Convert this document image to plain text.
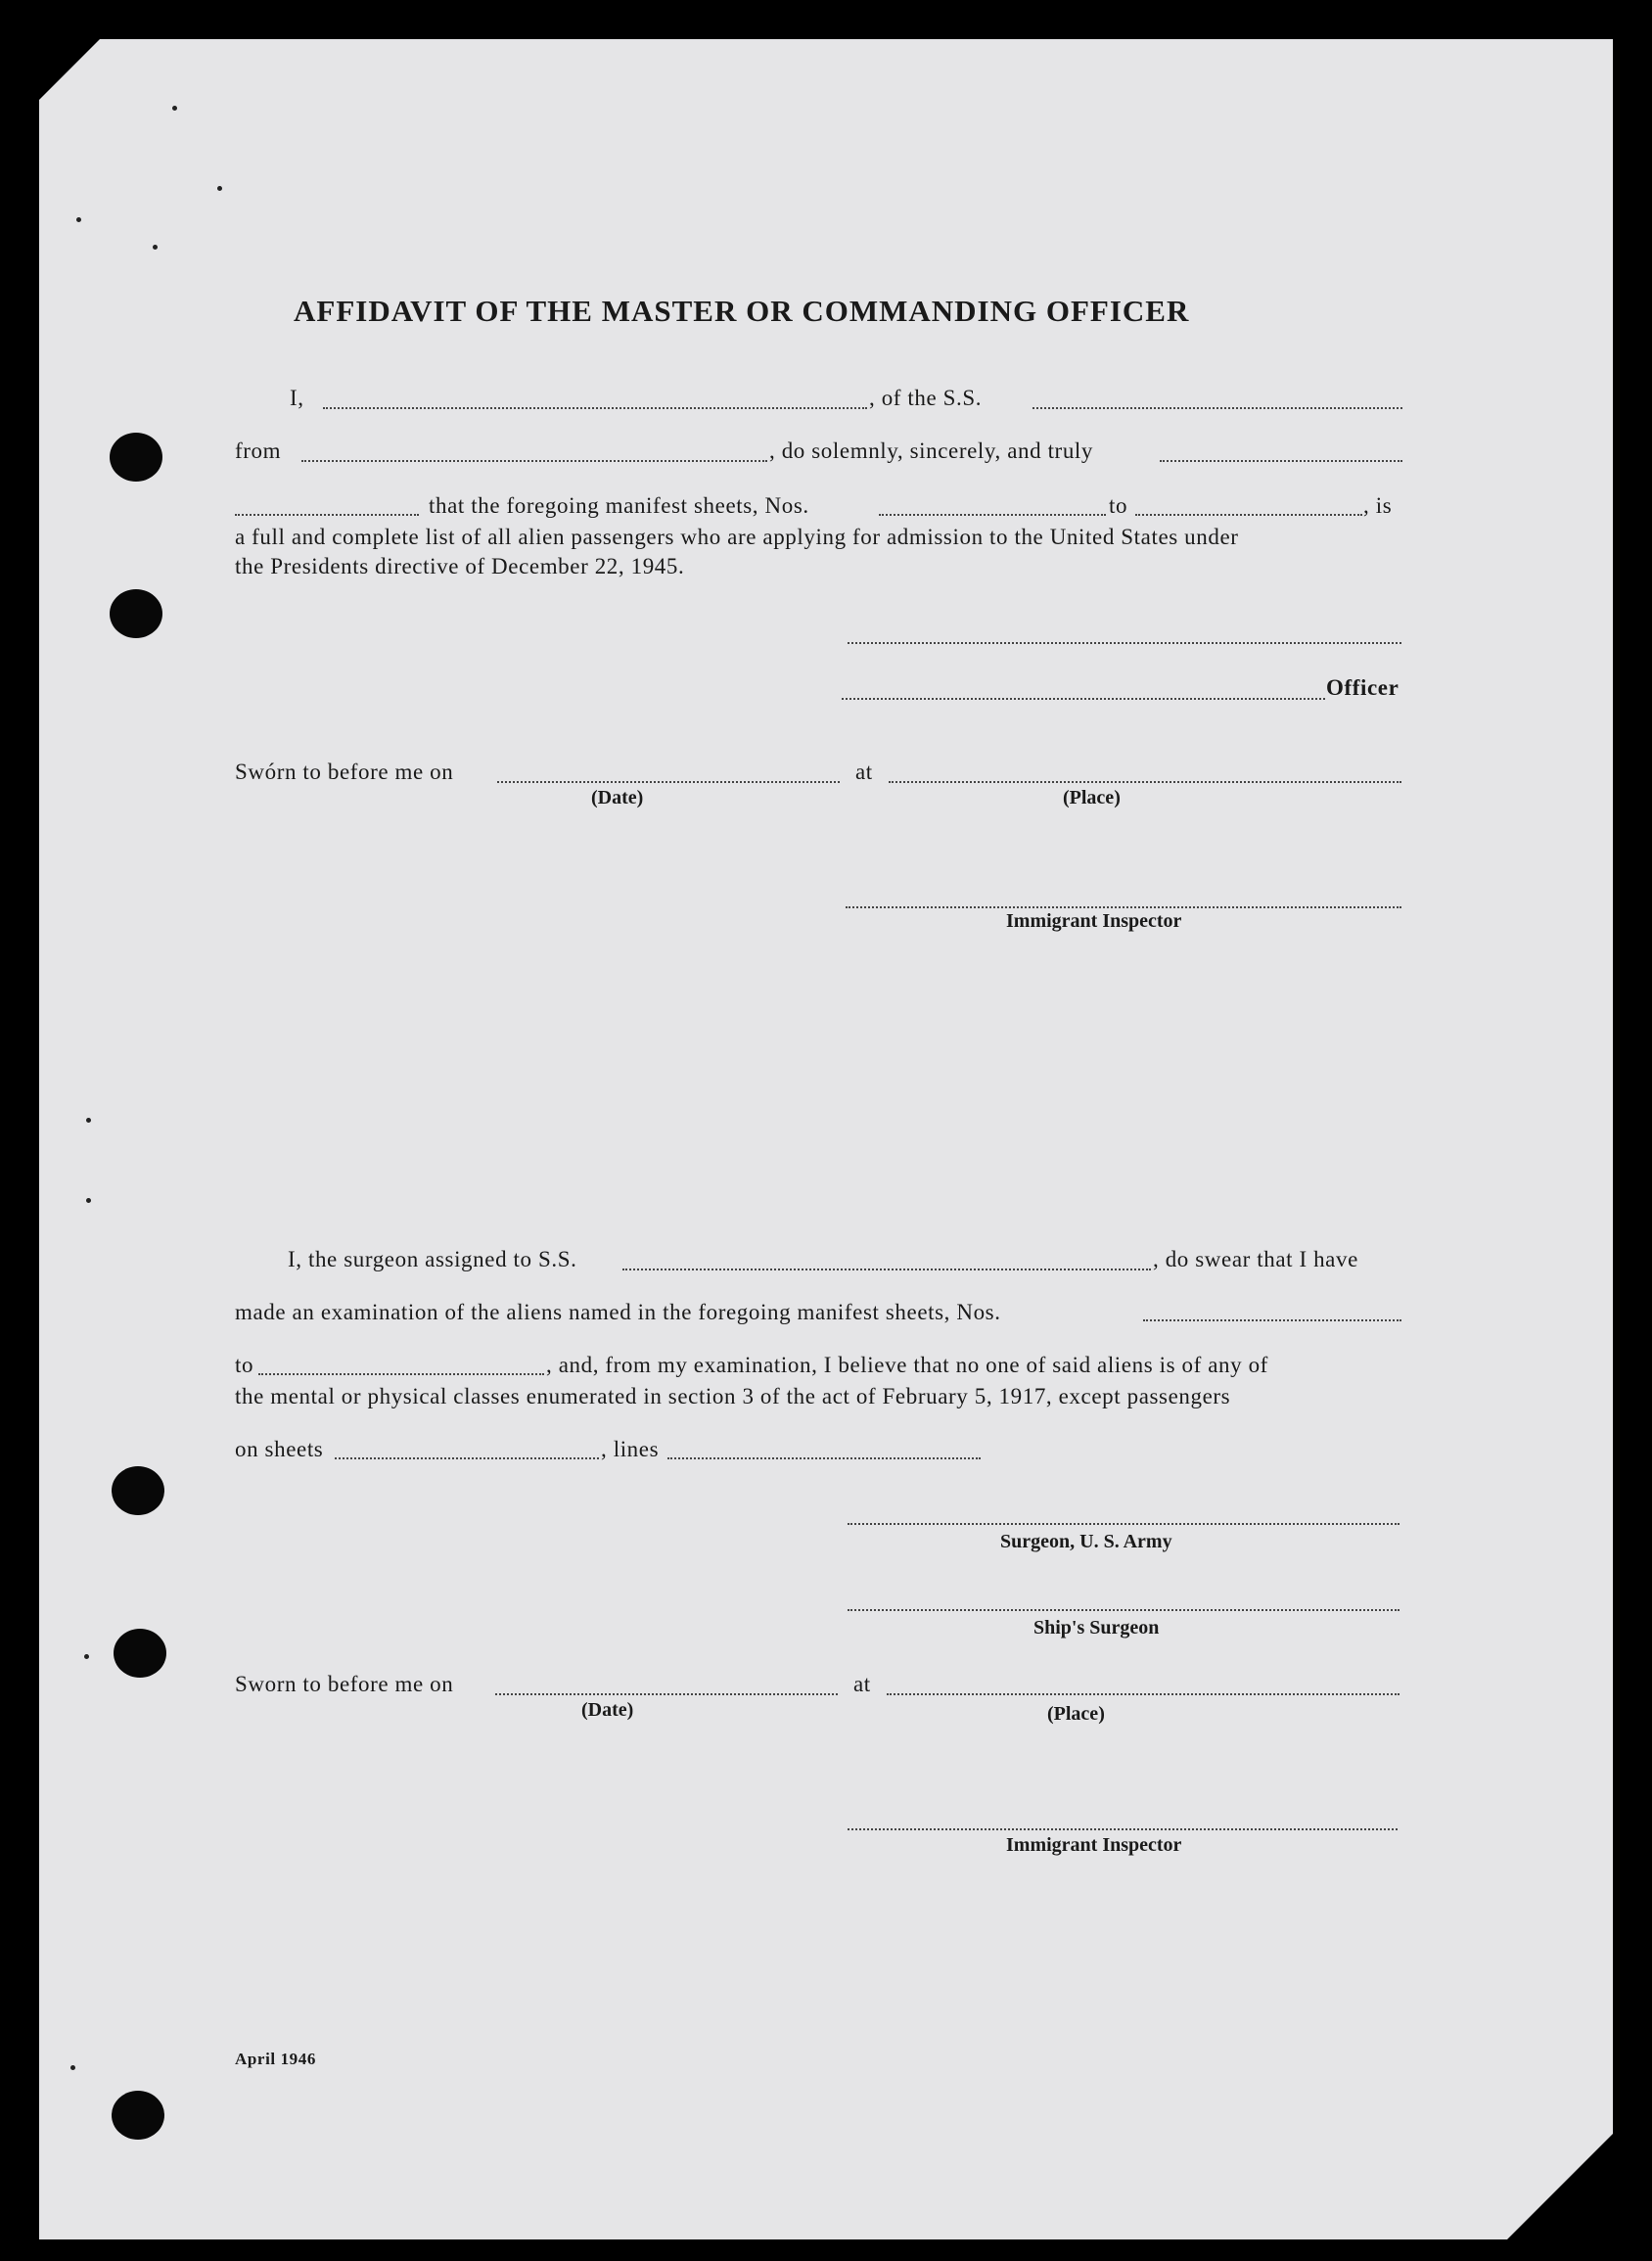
AFFIDAVIT OF THE MASTER OR COMMANDING OFFICER
I,	, of the S.S.
from	, do solemnly, sincerely, and truly
that the foregoing manifest sheets, Nos.	to	, is
a full and complete list of all alien passengers who are applying for admission to the United States under
the Presidents directive of December 22, 1945.
Officer
Swórn to before me on	at
(Date)	(Place)
Immigrant Inspector
I, the surgeon assigned to S.S.	, do swear that I have
made an examination of the aliens named in the foregoing manifest sheets, Nos.
to	, and, from my examination, I believe that no one of said aliens is of any of
the mental or physical classes enumerated in section 3 of the act of February 5, 1917, except passengers
on sheets	, lines
Surgeon, U. S. Army
Ship's Surgeon
Sworn to before me on	at
(Date)	(Place)
Immigrant Inspector
April 1946
